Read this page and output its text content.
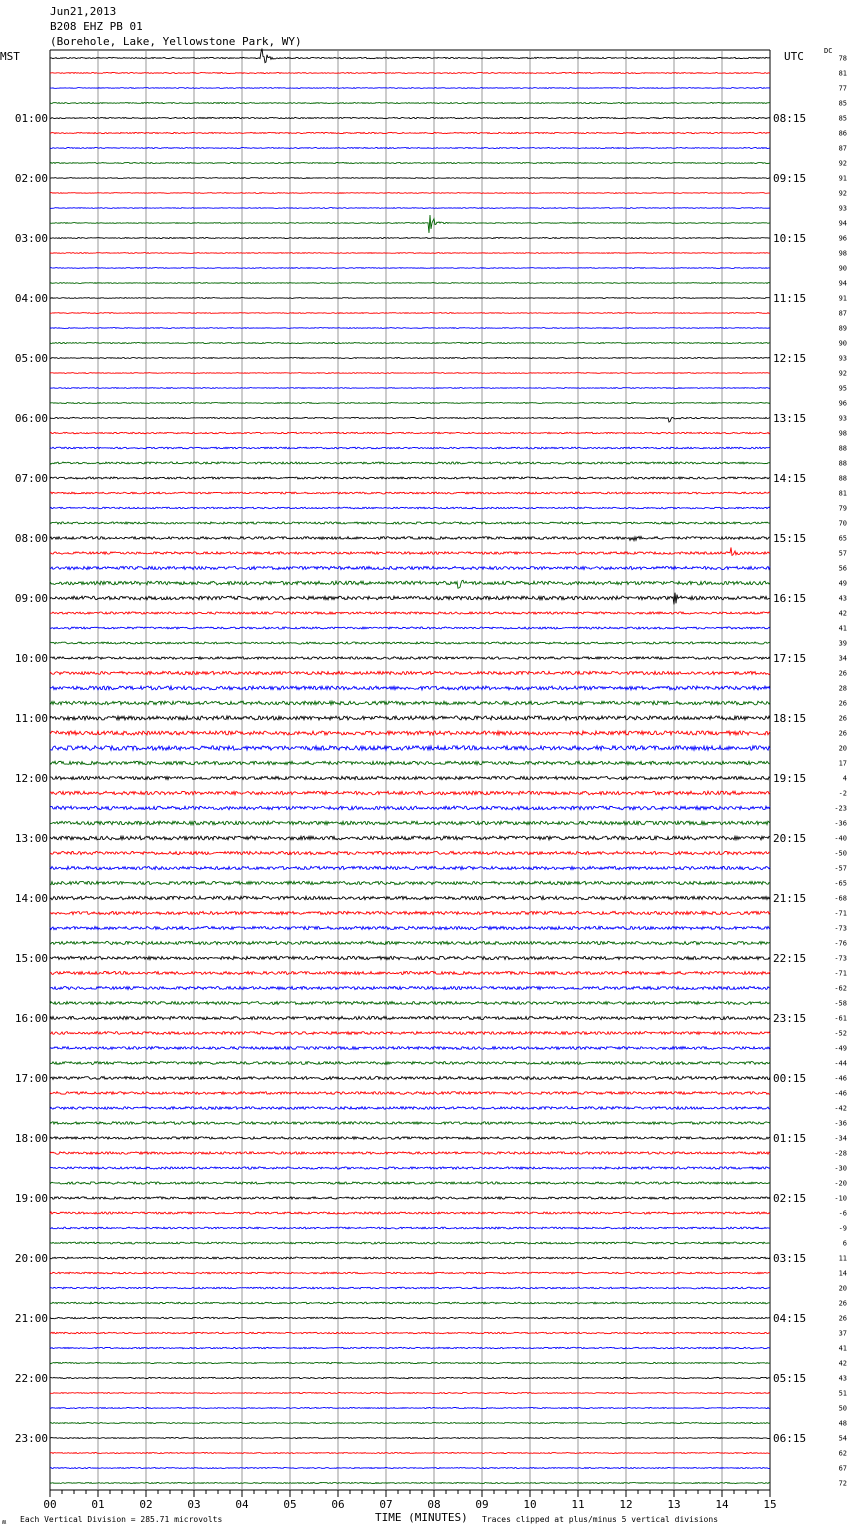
Jun21,2013
B208 EHZ PB 01
(Borehole, Lake, Yellowstone Park, WY)
MST	UTC	DC
78
81
77
85
85
86
87
92
91
92
93
94
96
98
90
94
91
87
89
90
93
92
95
96
93
98
88
88
88
81
79
70
65
57
56
49
43
42
41
39
34
26
28
26
26
26
20
17
4
-2
-23
-36
-40
-50
-57
-65
-68
-71
-73
-76
-73
-71
-62
-58
-61
-52
-49
-44
-46
-46
-42
-36
-34
-28
-30
-20
-10
-6
-9
6
11
14
20
26
26
37
41
42
43
51
50
48
54
62
67
72
01:00
02:00
03:00
04:00
05:00
06:00
07:00
08:00
09:00
10:00
11:00
12:00
13:00
14:00
15:00
16:00
17:00
18:00
19:00
20:00
21:00
22:00
23:00
08:15
09:15
10:15
11:15
12:15
13:15
14:15
15:15
16:15
17:15
18:15
19:15
20:15
21:15
22:15
23:15
00:15
01:15
02:15
03:15
04:15
05:15
06:15
00	01	02	03	04	05	06	07	08	09	10	11	12	13	14	15
TIME (MINUTES)
Each Vertical Division = 285.71 microvolts	Traces clipped at plus/minus 5 vertical divisions
ʍ
